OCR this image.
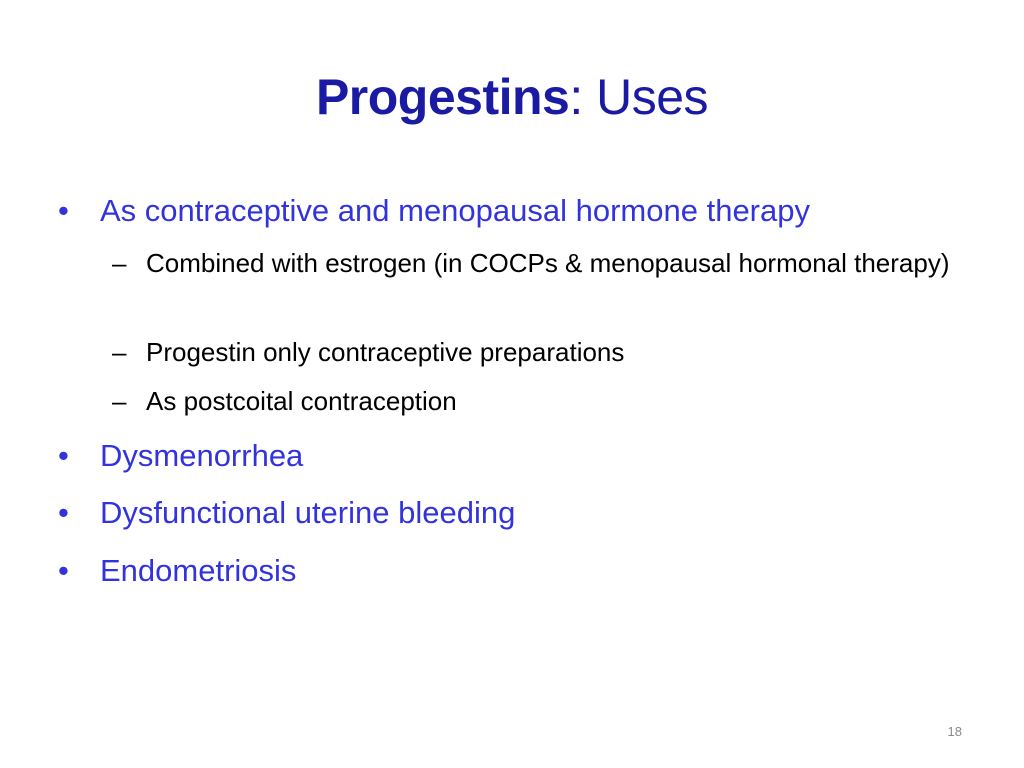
Progestins: Uses
•	As contraceptive and menopausal hormone therapy
– Combined with estrogen (in COCPs & menopausal hormonal therapy)
– Progestin only contraceptive preparations
– As postcoital contraception
•	Dysmenorrhea
•	Dysfunctional uterine bleeding
•	Endometriosis
18
